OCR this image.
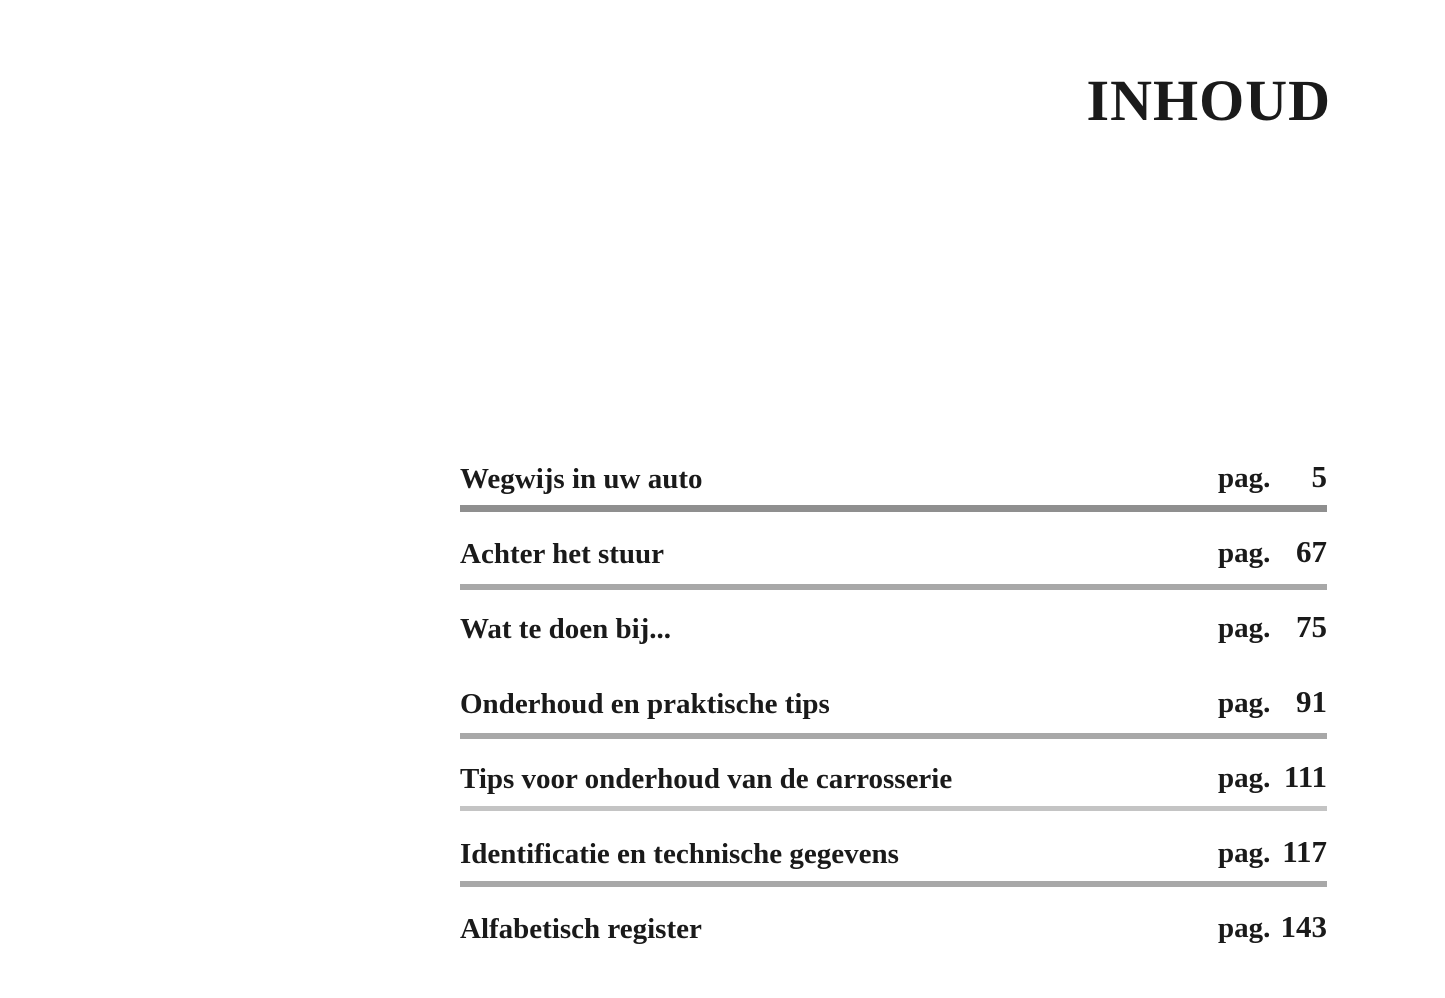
INHOUD
Wegwijs in uw auto	pag.	5
Achter het stuur	pag. 67
Wat te doen bij...	pag. 75
Onderhoud en praktische tips	pag. 91
Tips voor onderhoud van de carrosserie	pag. 111
Identificatie en technische gegevens	pag. 117
Alfabetisch register	pag. 143
